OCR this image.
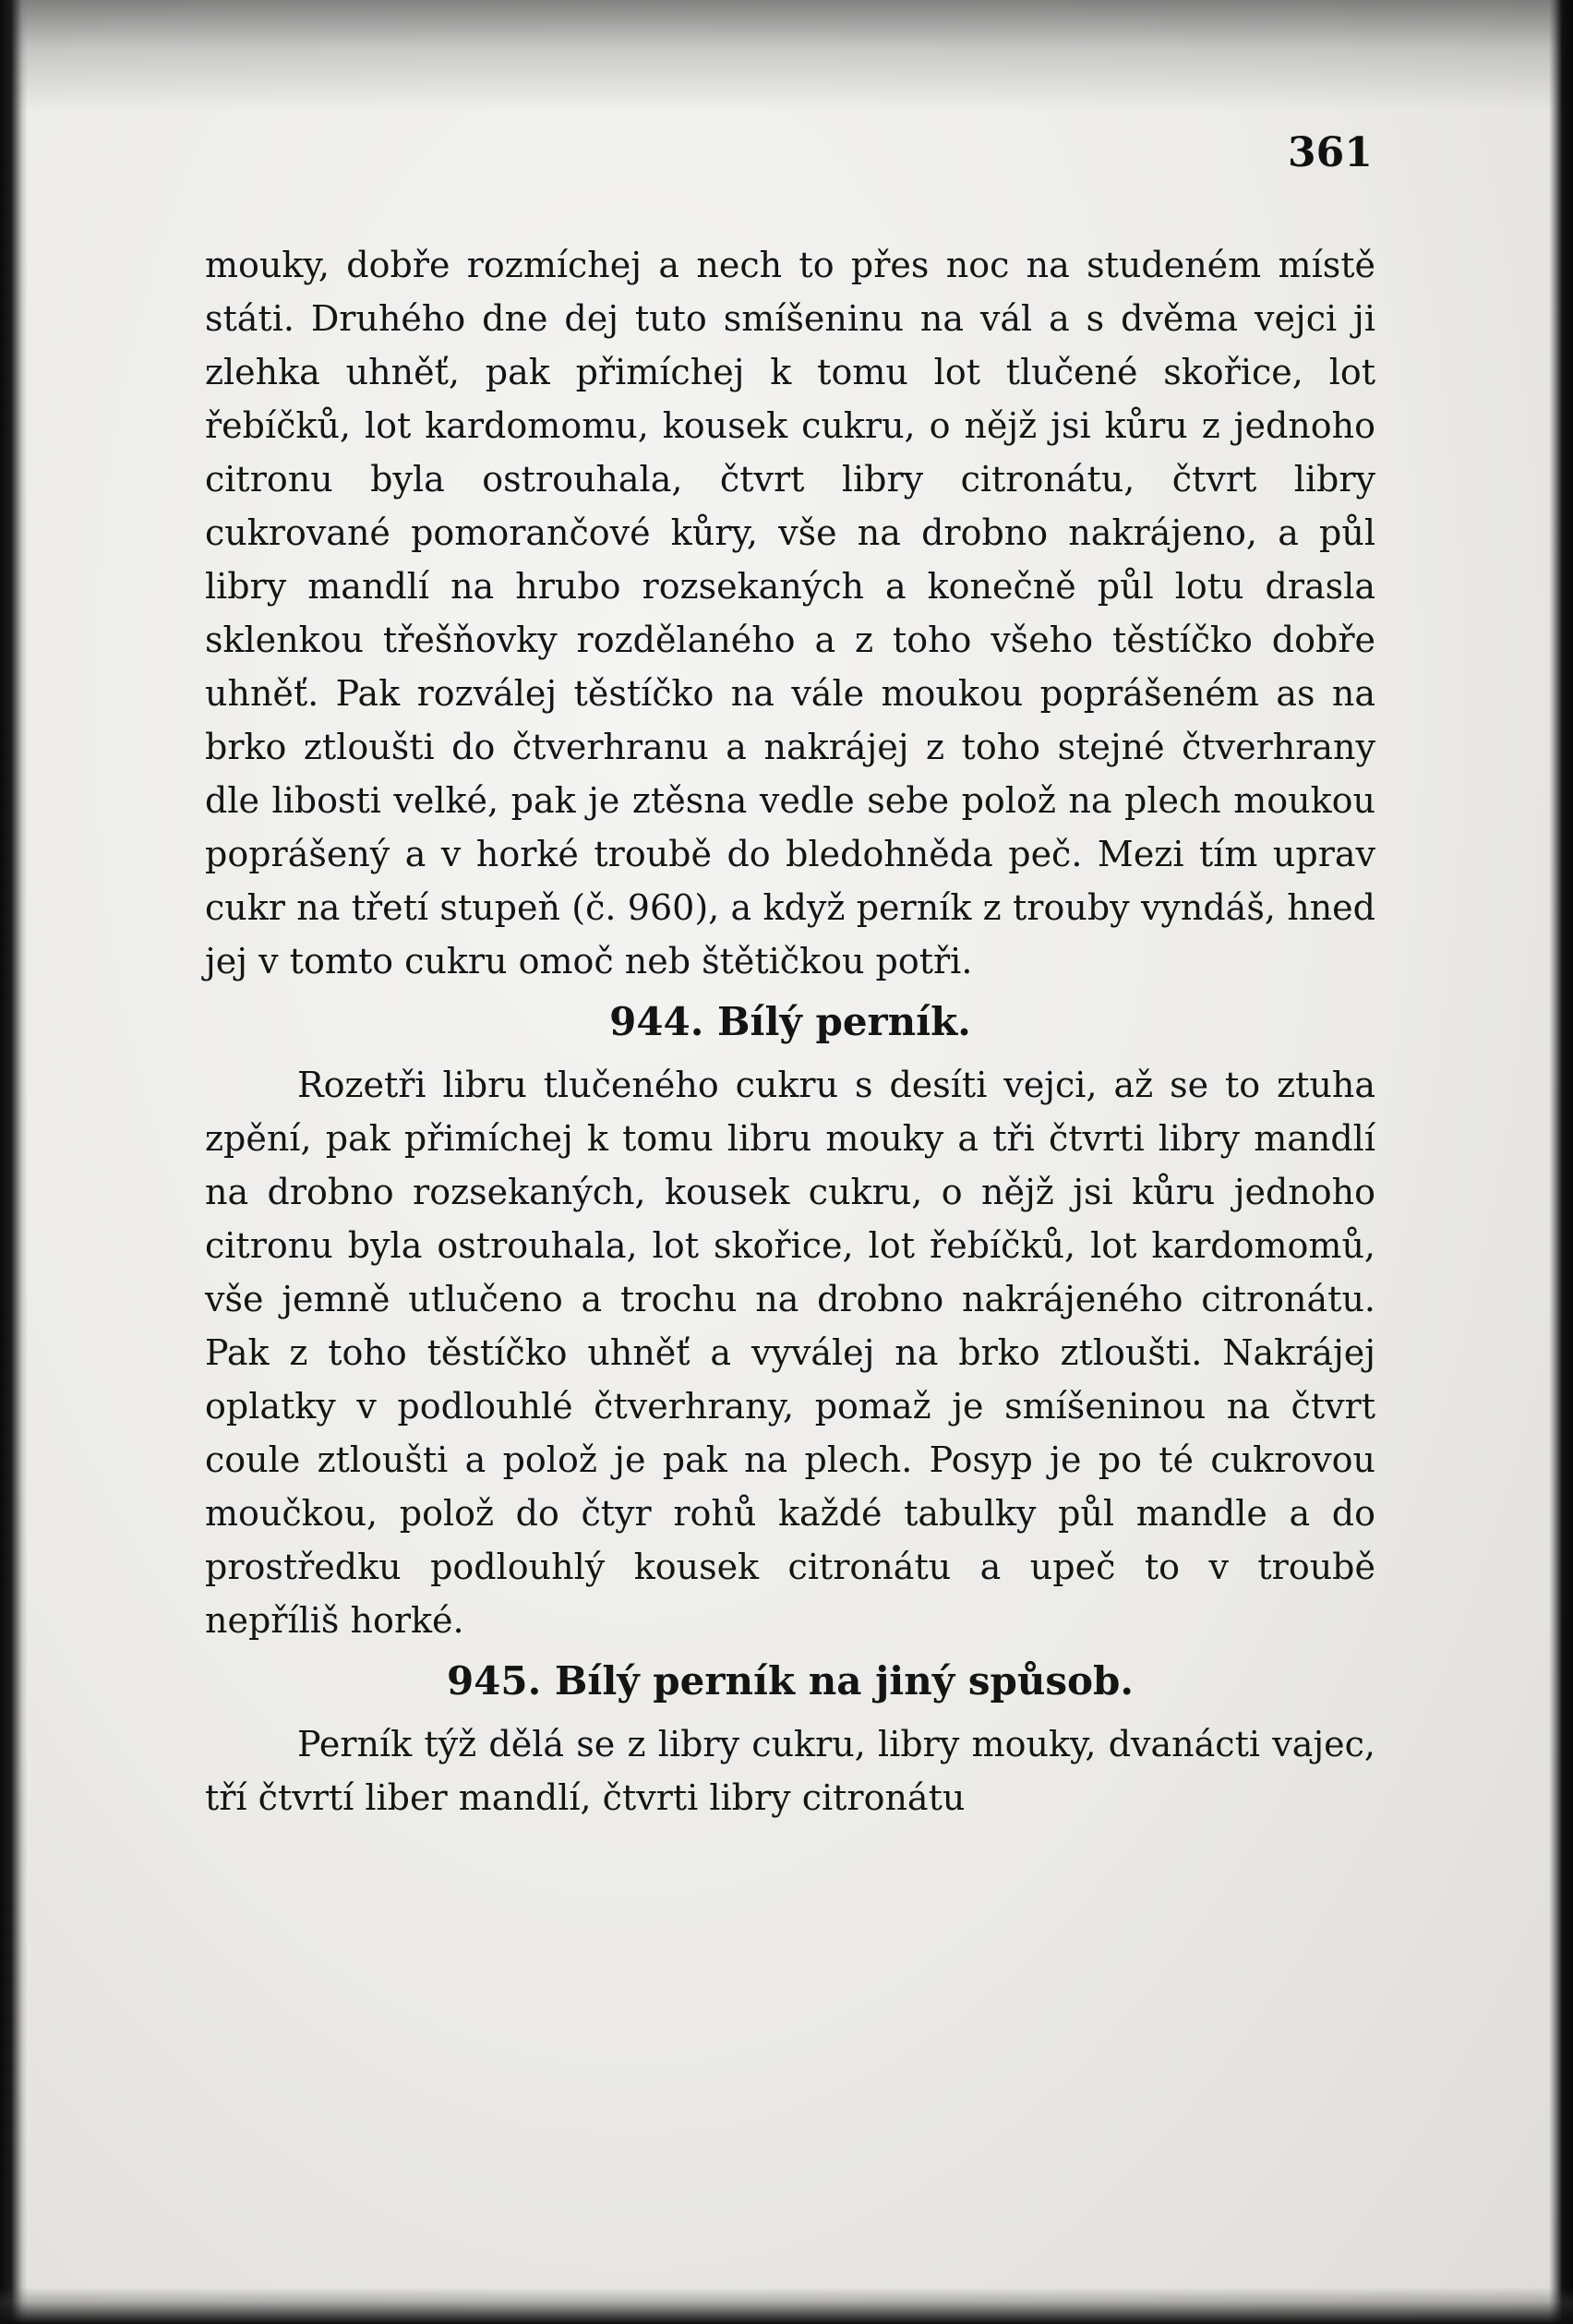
361

mouky, dobře rozmíchej a nech to přes noc na studeném místě státi. Druhého dne dej tuto smíšeninu na vál a s dvěma vejci ji zlehka uhněť, pak přimíchej k tomu lot tlučené skořice, lot řebíčků, lot kardomomu, kousek cukru, o nějž jsi kůru z jednoho citronu byla ostrouhala, čtvrt libry citronátu, čtvrt libry cukrované pomorančové kůry, vše na drobno nakrájeno, a půl libry mandlí na hrubo rozsekaných a konečně půl lotu drasla sklenkou třešňovky rozdělaného a z toho všeho těstíčko dobře uhněť. Pak rozválej těstíčko na vále moukou poprášeném as na brko ztloušti do čtverhranu a nakrájej z toho stejné čtverhrany dle libosti velké, pak je ztěsna vedle sebe polož na plech moukou poprášený a v horké troubě do bledohněda peč. Mezi tím uprav cukr na třetí stupeň (č. 960), a když perník z trouby vyndáš, hned jej v tomto cukru omoč neb štětičkou potři.

944. Bílý perník.

Rozetři libru tlučeného cukru s desíti vejci, až se to ztuha zpění, pak přimíchej k tomu libru mouky a tři čtvrti libry mandlí na drobno rozsekaných, kousek cukru, o nějž jsi kůru jednoho citronu byla ostrouhala, lot skořice, lot řebíčků, lot kardomomů, vše jemně utlučeno a trochu na drobno nakrájeného citronátu. Pak z toho těstíčko uhněť a vyválej na brko ztloušti. Nakrájej oplatky v podlouhlé čtverhrany, pomaž je smíšeninou na čtvrt coule ztloušti a polož je pak na plech. Posyp je po té cukrovou moučkou, polož do čtyr rohů každé tabulky půl mandle a do prostředku podlouhlý kousek citronátu a upeč to v troubě nepříliš horké.

945. Bílý perník na jiný spůsob.

Perník týž dělá se z libry cukru, libry mouky, dvanácti vajec, tří čtvrtí liber mandlí, čtvrti libry citronátu
